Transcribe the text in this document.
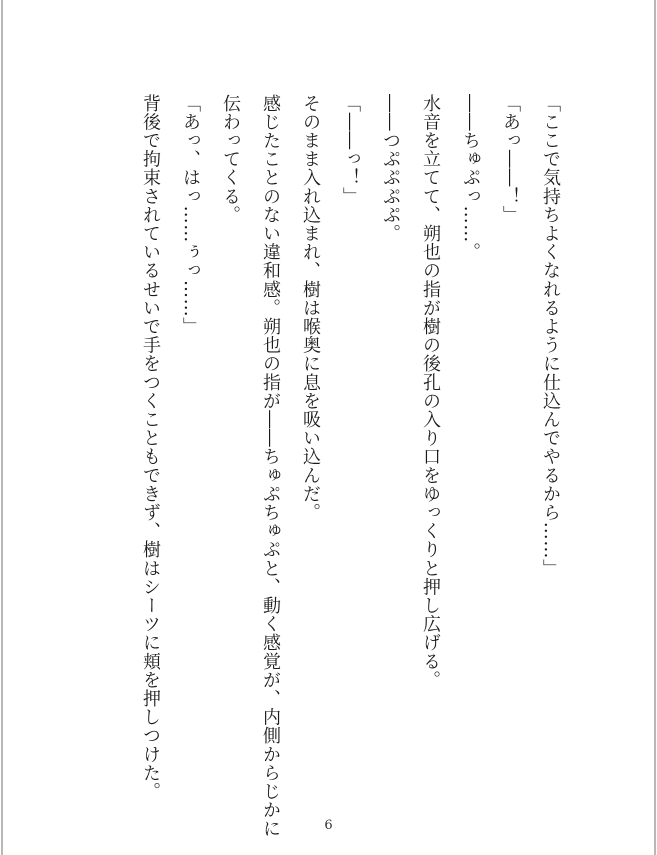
「ここで気持ちよくなれるように仕込んでやるから……」

「あっ――！」

――ちゅぷっ……。

水音を立てて、朔也の指が樹の後孔の入り口をゆっくりと押し広げる。

――つぷぷぷぷ。

「――っ！」

そのまま入れ込まれ、樹は喉奥に息を吸い込んだ。

感じたことのない違和感。朔也の指が――ちゅぷちゅぷと、動く感覚が、内側からじかに

伝わってくる。

「あっ、はっ……ぅっ……」

背後で拘束されているせいで手をつくこともできず、樹はシーツに頬を押しつけた。

6
